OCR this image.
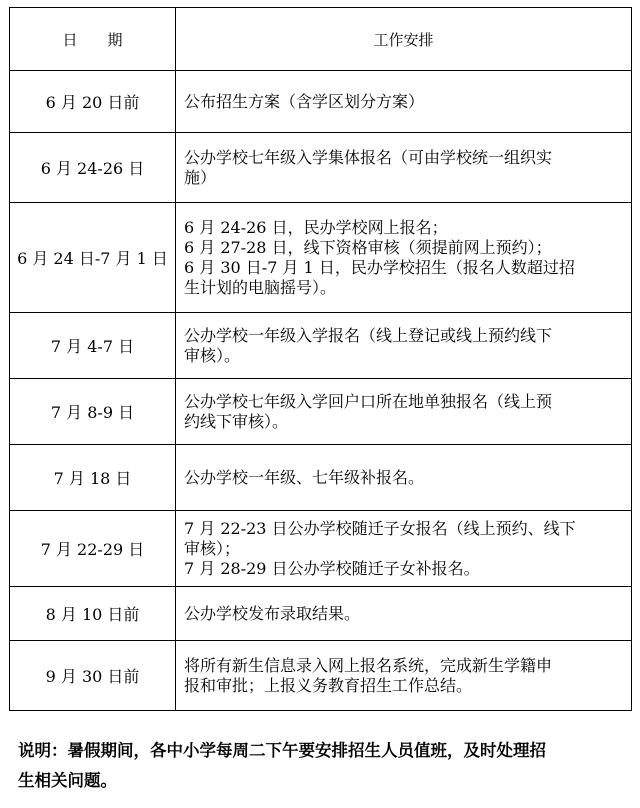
日　　期	工作安排
6 月 20 日前	公布招生方案（含学区划分方案）

6 月 24-26 日	公办学校七年级入学集体报名（可由学校统一组织实
施）

6 月 24 日-7 月 1 日	6 月 24-26 日，民办学校网上报名；
6 月 27-28 日，线下资格审核（须提前网上预约）；
6 月 30 日-7 月 1 日，民办学校招生（报名人数超过招
生计划的电脑摇号）。

7 月 4-7 日	公办学校一年级入学报名（线上登记或线上预约线下
审核）。

7 月 8-9 日	公办学校七年级入学回户口所在地单独报名（线上预
约线下审核）。

7 月 18 日	公办学校一年级、七年级补报名。

7 月 22-29 日	7 月 22-23 日公办学校随迁子女报名（线上预约、线下
审核）；
7 月 28-29 日公办学校随迁子女补报名。

8 月 10 日前	公办学校发布录取结果。

9 月 30 日前	将所有新生信息录入网上报名系统，完成新生学籍申
报和审批；上报义务教育招生工作总结。
说明：暑假期间，各中小学每周二下午要安排招生人员值班，及时处理招
生相关问题。
